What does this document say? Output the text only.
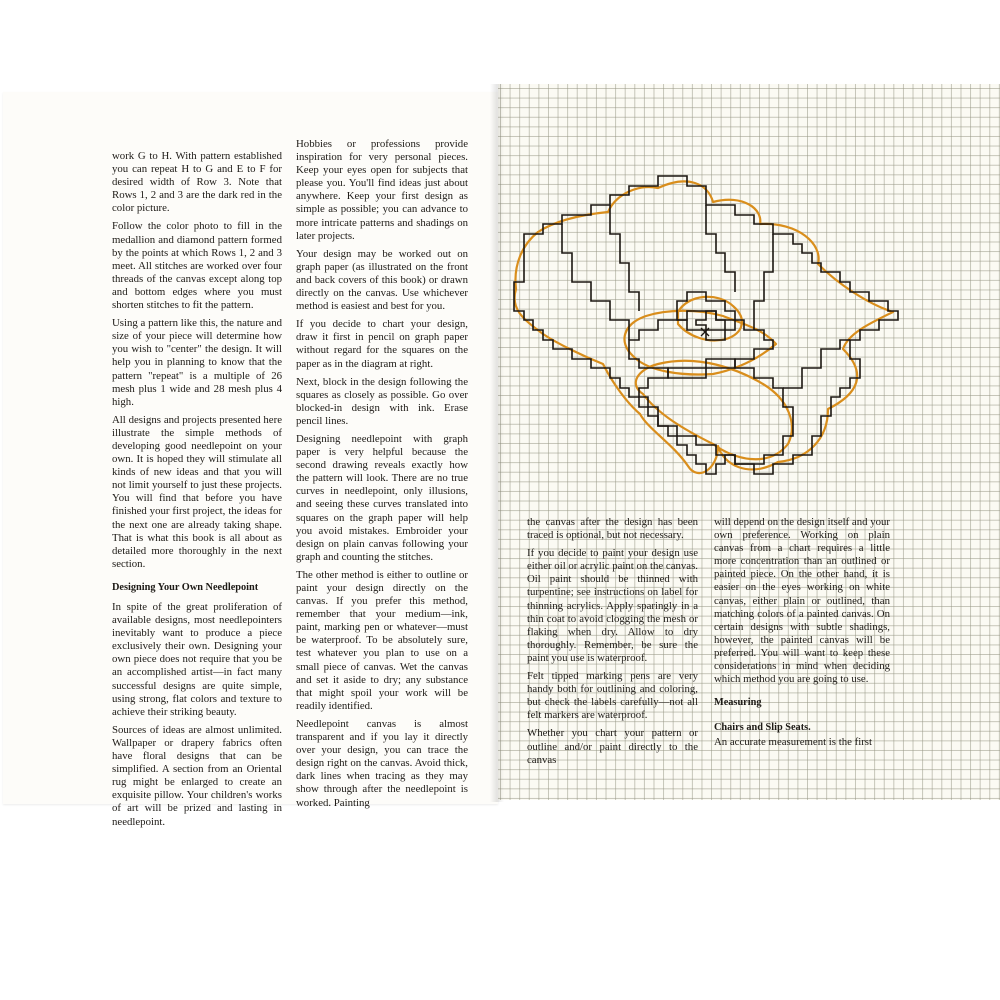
work G to H. With pattern established you can repeat H to G and E to F for desired width of Row 3. Note that Rows 1, 2 and 3 are the dark red in the color picture.

Follow the color photo to fill in the medallion and diamond pattern formed by the points at which Rows 1, 2 and 3 meet. All stitches are worked over four threads of the canvas except along top and bottom edges where you must shorten stitches to fit the pattern.

Using a pattern like this, the nature and size of your piece will determine how you wish to "center" the design. It will help you in planning to know that the pattern "repeat" is a multiple of 26 mesh plus 1 wide and 28 mesh plus 4 high.

All designs and projects presented here illustrate the simple methods of developing good needlepoint on your own. It is hoped they will stimulate all kinds of new ideas and that you will not limit yourself to just these projects. You will find that before you have finished your first project, the ideas for the next one are already taking shape. That is what this book is all about as detailed more thoroughly in the next section.

Designing Your Own Needlepoint

In spite of the great proliferation of available designs, most needlepointers inevitably want to produce a piece exclusively their own. Designing your own piece does not require that you be an accomplished artist—in fact many successful designs are quite simple, using strong, flat colors and texture to achieve their striking beauty.

Sources of ideas are almost unlimited. Wallpaper or drapery fabrics often have floral designs that can be simplified. A section from an Oriental rug might be enlarged to create an exquisite pillow. Your children's works of art will be prized and lasting in needlepoint.

Hobbies or professions provide inspiration for very personal pieces. Keep your eyes open for subjects that please you. You'll find ideas just about anywhere. Keep your first design as simple as possible; you can advance to more intricate patterns and shadings on later projects.

Your design may be worked out on graph paper (as illustrated on the front and back covers of this book) or drawn directly on the canvas. Use whichever method is easiest and best for you.

If you decide to chart your design, draw it first in pencil on graph paper without regard for the squares on the paper as in the diagram at right.

Next, block in the design following the squares as closely as possible. Go over blocked-in design with ink. Erase pencil lines.

Designing needlepoint with graph paper is very helpful because the second drawing reveals exactly how the pattern will look. There are no true curves in needlepoint, only illusions, and seeing these curves translated into squares on the graph paper will help you avoid mistakes. Embroider your design on plain canvas following your graph and counting the stitches.

The other method is either to outline or paint your design directly on the canvas. If you prefer this method, remember that your medium—ink, paint, marking pen or whatever—must be waterproof. To be absolutely sure, test whatever you plan to use on a small piece of canvas. Wet the canvas and set it aside to dry; any substance that might spoil your work will be readily identified.

Needlepoint canvas is almost transparent and if you lay it directly over your design, you can trace the design right on the canvas. Avoid thick, dark lines when tracing as they may show through after the needlepoint is worked. Painting

the canvas after the design has been traced is optional, but not necessary.

If you decide to paint your design use either oil or acrylic paint on the canvas. Oil paint should be thinned with turpentine; see instructions on label for thinning acrylics. Apply sparingly in a thin coat to avoid clogging the mesh or flaking when dry. Allow to dry thoroughly. Remember, be sure the paint you use is waterproof.

Felt tipped marking pens are very handy both for outlining and coloring, but check the labels carefully—not all felt markers are waterproof.

Whether you chart your pattern or outline and/or paint directly to the canvas

will depend on the design itself and your own preference. Working on plain canvas from a chart requires a little more concentration than an outlined or painted piece. On the other hand, it is easier on the eyes working on white canvas, either plain or outlined, than matching colors of a painted canvas. On certain designs with subtle shadings, however, the painted canvas will be preferred. You will want to keep these considerations in mind when deciding which method you are going to use.

Measuring
Chairs and Slip Seats.

An accurate measurement is the first
